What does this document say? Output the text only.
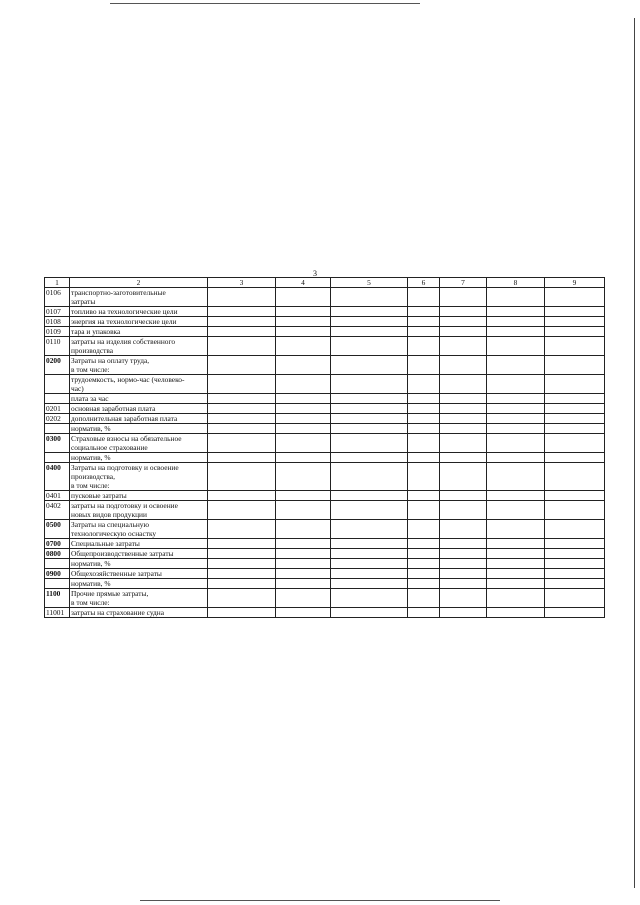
3
1	2	3	4	5	6	7	8	9
0106	транспортно-заготовительные
затраты							

0107	топливо на технологические цели							

0108	энергия на технологические цели							

0109	тара и упаковка							

0110	затраты на изделия собственного
производства							

0200	Затраты на оплату труда,
в том числе:							

	трудоемкость, нормо-час (человеко-
час)							

	плата за час							

0201	основная заработная плата							

0202	дополнительная заработная плата							

	норматив, %							

0300	Страховые взносы на обязательное
социальное страхование							

	норматив, %							

0400	Затраты на подготовку и освоение
производства,
в том числе:							

0401	пусковые затраты							

0402	затраты на подготовку и освоение
новых видов продукции							

0500	Затраты на специальную
технологическую оснастку							

0700	Специальные затраты							

0800	Общепроизводственные затраты							

	норматив, %							

0900	Общехозяйственные затраты							

	норматив, %							

1100	Прочие прямые затраты,
в том числе:							

11001	затраты на страхование судна							
